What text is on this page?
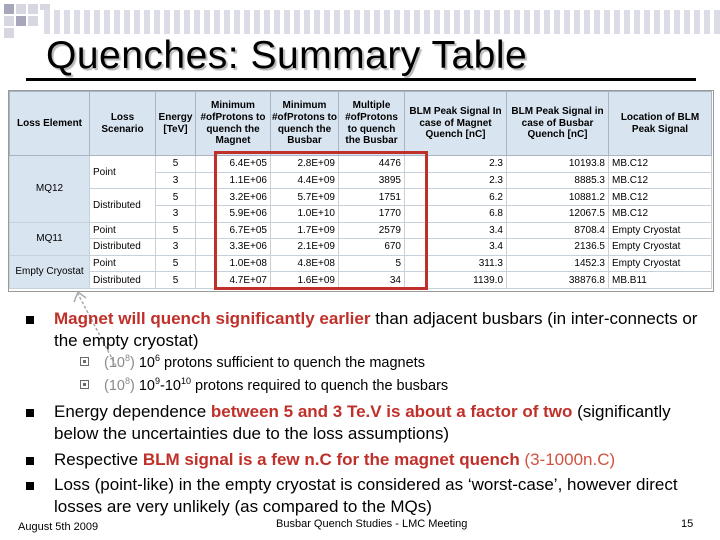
Quenches: Summary Table
Loss Element	Loss Scenario	Energy [TeV]	Minimum #ofProtons to quench the Magnet	Minimum #ofProtons to quench the Busbar	Multiple #ofProtons to quench the Busbar	BLM Peak Signal In case of Magnet Quench [nC]	BLM Peak Signal in case of Busbar Quench [nC]	Location of BLM Peak Signal
MQ12	Point	5	6.4E+05	2.8E+09	4476	2.3	10193.8	MB.C12
		3	1.1E+06	4.4E+09	3895	2.3	8885.3	MB.C12
	Distributed	5	3.2E+06	5.7E+09	1751	6.2	10881.2	MB.C12
		3	5.9E+06	1.0E+10	1770	6.8	12067.5	MB.C12
MQ11	Point	5	6.7E+05	1.7E+09	2579	3.4	8708.4	Empty Cryostat
	Distributed	3	3.3E+06	2.1E+09	670	3.4	2136.5	Empty Cryostat
Empty Cryostat	Point	5	1.0E+08	4.8E+08	5	311.3	1452.3	Empty Cryostat
	Distributed	5	4.7E+07	1.6E+09	34	1139.0	38876.8	MB.B11
Magnet will quench significantly earlier than adjacent busbars (in inter-connects or the empty cryostat)
$(10^8)$ $10^6$ protons sufficient to quench the magnets
$(10^8)$ $10^9-10^{10}$ protons required to quench the busbars
Energy dependence between 5 and 3 Te.V is about a factor of two (significantly below the uncertainties due to the loss assumptions)
Respective BLM signal is a few n.C for the magnet quench (3-1000n.C)
Loss (point-like) in the empty cryostat is considered as ‘worst-case’, however direct losses are very unlikely (as compared to the MQs)
August 5th 2009	Busbar Quench Studies - LMC Meeting	15
